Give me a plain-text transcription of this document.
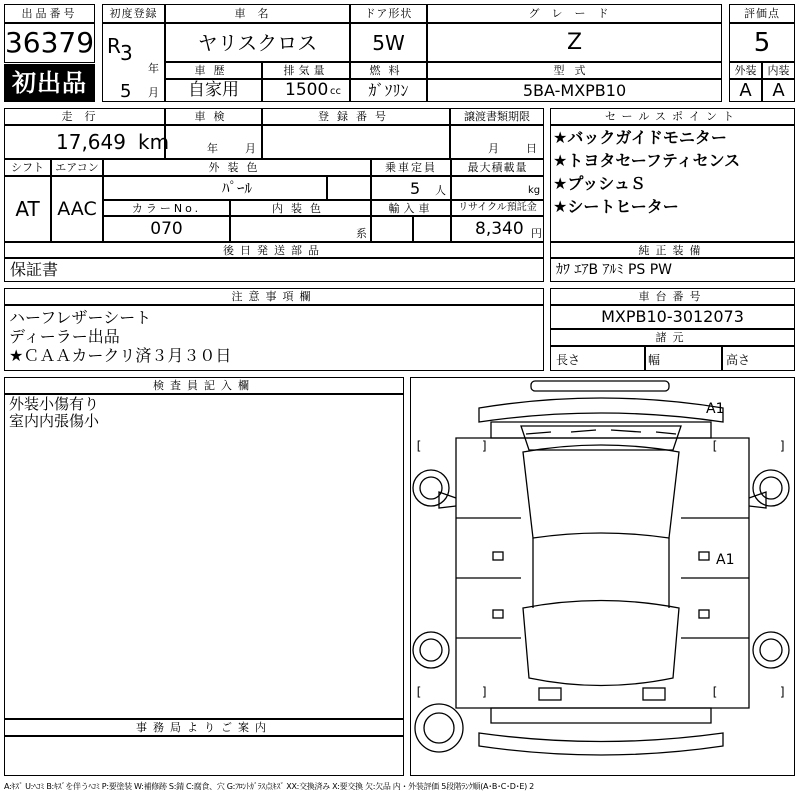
出品番号
36379
初出品
初度登録
R 3
年
5 月
車名
ヤリスクロス
ドア形状
5W
グレード
Z
車歴
自家用
排気量
1500 cc
燃料
ｶﾞｿﾘﾝ
型式
5BA-MXPB10
評価点
5
外装	内装
A	A
走行
17,649 km
車検
年 月
登録番号	譲渡書類期限
月 日
シフト
AT
エアコン
AAC
外装色
ﾊﾟｰﾙ
乗車定員
5 人
最大積載量
kg
カラーNo.
070
内装色
系
輸入車	リサイクル預託金
8,340 円
後日発送部品
保証書
セールスポイント
★バックガイドモニター
★トヨタセーフティセンス
★プッシュＳ
★シートヒーター
純正装備
ｶﾜ ｴｱB ｱﾙﾐ PS PW
注意事項欄
ハーフレザーシート
ディーラー出品
★ＣＡＡカークリ済３月３０日
車台番号
MXPB10-3012073
諸元
長さ	幅	高さ
検査員記入欄
外装小傷有り
室内内張傷小
事務局よりご案内
[	]	[	]
[	]	[	]
A1
A1
A:ｷｽﾞ U:ﾍｺﾐ B:ｷｽﾞを伴うﾍｺﾐ P:要塗装 W:補修跡 S:錆 C:腐食、穴 G:ﾌﾛﾝﾄｶﾞﾗｽ点ｷｽﾞ XX:交換済み X:要交換 欠:欠品 内・外装評価 5段階ﾗﾝｸ順(A･B･C･D･E) 2
